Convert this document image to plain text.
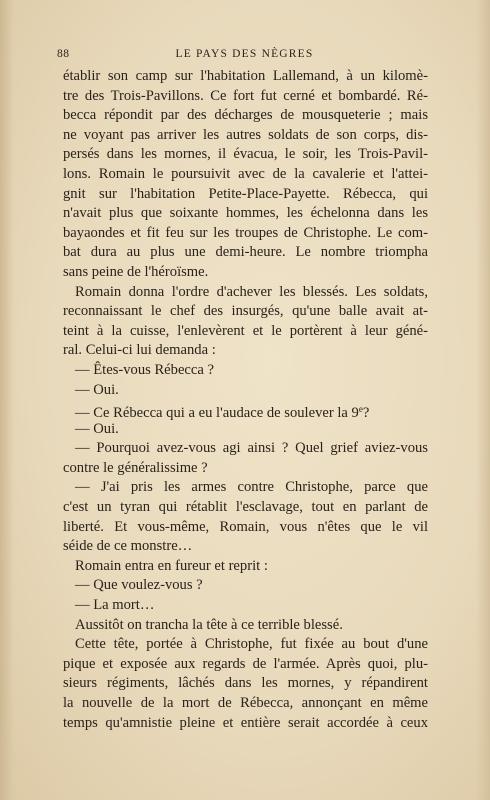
88	LE PAYS DES NÈGRES
établir son camp sur l'habitation Lallemand, à un kilomè-
tre des Trois-Pavillons. Ce fort fut cerné et bombardé. Ré-
becca répondit par des décharges de mousqueterie ; mais
ne voyant pas arriver les autres soldats de son corps, dis-
persés dans les mornes, il évacua, le soir, les Trois-Pavil-
lons. Romain le poursuivit avec de la cavalerie et l'attei-
gnit sur l'habitation Petite-Place-Payette. Rébecca, qui
n'avait plus que soixante hommes, les échelonna dans les
bayaondes et fit feu sur les troupes de Christophe. Le com-
bat dura au plus une demi-heure. Le nombre triompha
sans peine de l'héroïsme.
Romain donna l'ordre d'achever les blessés. Les soldats,
reconnaissant le chef des insurgés, qu'une balle avait at-
teint à la cuisse, l'enlevèrent et le portèrent à leur géné-
ral. Celui-ci lui demanda :
— Êtes-vous Rébecca ?
— Oui.
— Ce Rébecca qui a eu l'audace de soulever la 9e?
— Oui.
— Pourquoi avez-vous agi ainsi ? Quel grief aviez-vous
contre le généralissime ?
— J'ai pris les armes contre Christophe, parce que
c'est un tyran qui rétablit l'esclavage, tout en parlant de
liberté. Et vous-même, Romain, vous n'êtes que le vil
séide de ce monstre…
Romain entra en fureur et reprit :
— Que voulez-vous ?
— La mort…
Aussitôt on trancha la tête à ce terrible blessé.
Cette tête, portée à Christophe, fut fixée au bout d'une
pique et exposée aux regards de l'armée. Après quoi, plu-
sieurs régiments, lâchés dans les mornes, y répandirent
la nouvelle de la mort de Rébecca, annonçant en même
temps qu'amnistie pleine et entière serait accordée à ceux
